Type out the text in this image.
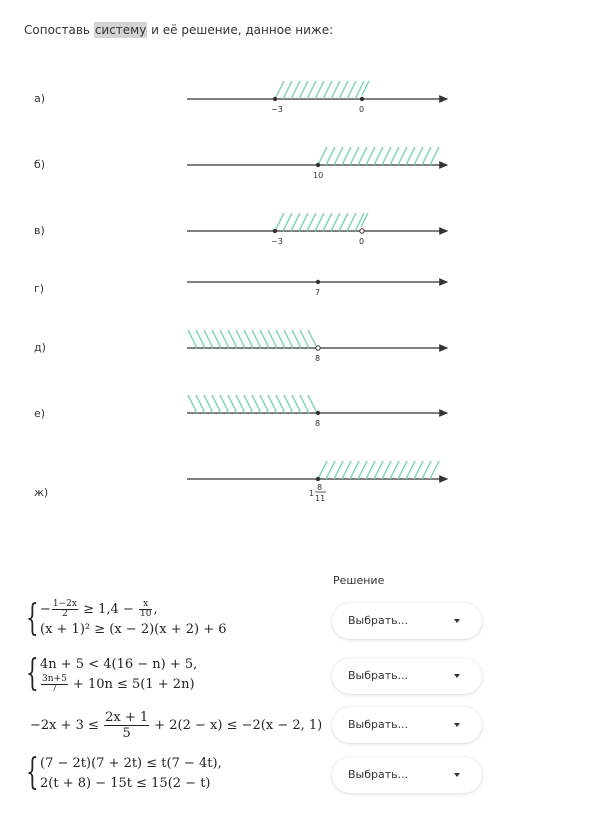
Сопоставь систему и её решение, данное ниже:
а)
б)
в)
г)
д)
е)
ж)
−3	0
10
−3	0
7
8
8
1
8
11
Решение
{ − $\frac{1-2x}{2} \ge 1,4 - \frac{x}{10}$ ,
(x + 1)² ≥ (x − 2)(x + 2) + 6
Выбрать...
{ 4n + 5 < 4(16 − n) + 5,
$\frac{3n+5}{7} + 10n \le 5(1 + 2n)$
Выбрать...
$-2x + 3 \le \frac{2x + 1}{5} + 2(2 - x) \le -2(x - 2$, 1)	Выбрать...
{ (7 − 2t)(7 + 2t) ≤ t(7 − 4t),
2(t + 8) − 15t ≤ 15(2 − t)
Выбрать...
